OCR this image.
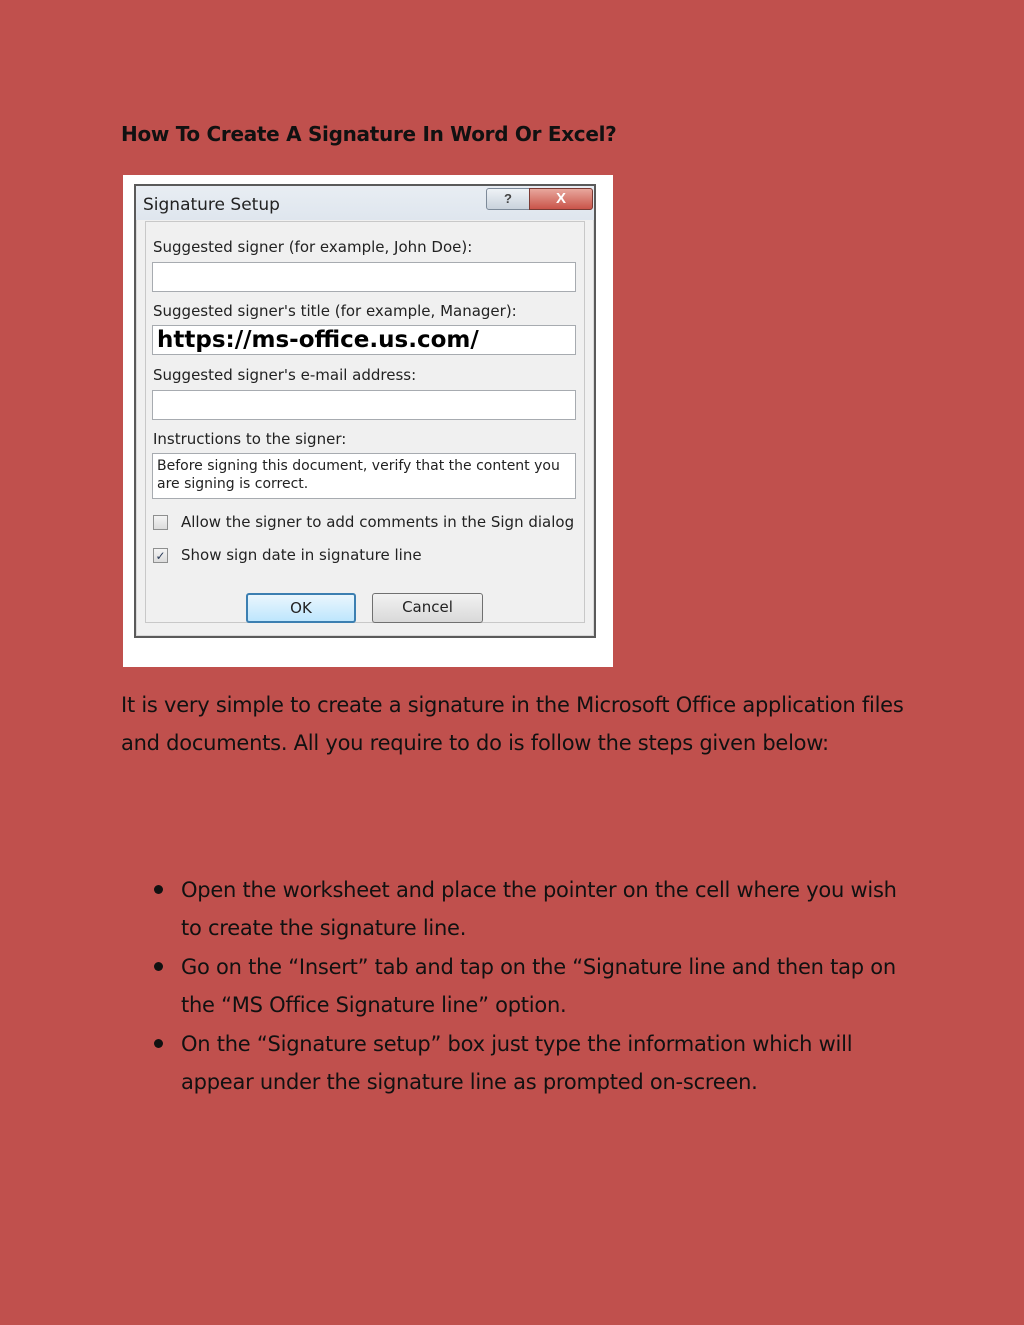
How To Create A Signature In Word Or Excel?
Signature Setup	?	X
Suggested signer (for example, John Doe):
Suggested signer's title (for example, Manager):
https://ms-office.us.com/
Suggested signer's e-mail address:
Instructions to the signer:
Before signing this document, verify that the content you are signing is correct.
Allow the signer to add comments in the Sign dialog
✓ Show sign date in signature line
OK	Cancel

It is very simple to create a signature in the Microsoft Office application files and documents. All you require to do is follow the steps given below:

Open the worksheet and place the pointer on the cell where you wish to create the signature line.
Go on the “Insert” tab and tap on the “Signature line and then tap on the “MS Office Signature line” option.
On the “Signature setup” box just type the information which will appear under the signature line as prompted on-screen.
